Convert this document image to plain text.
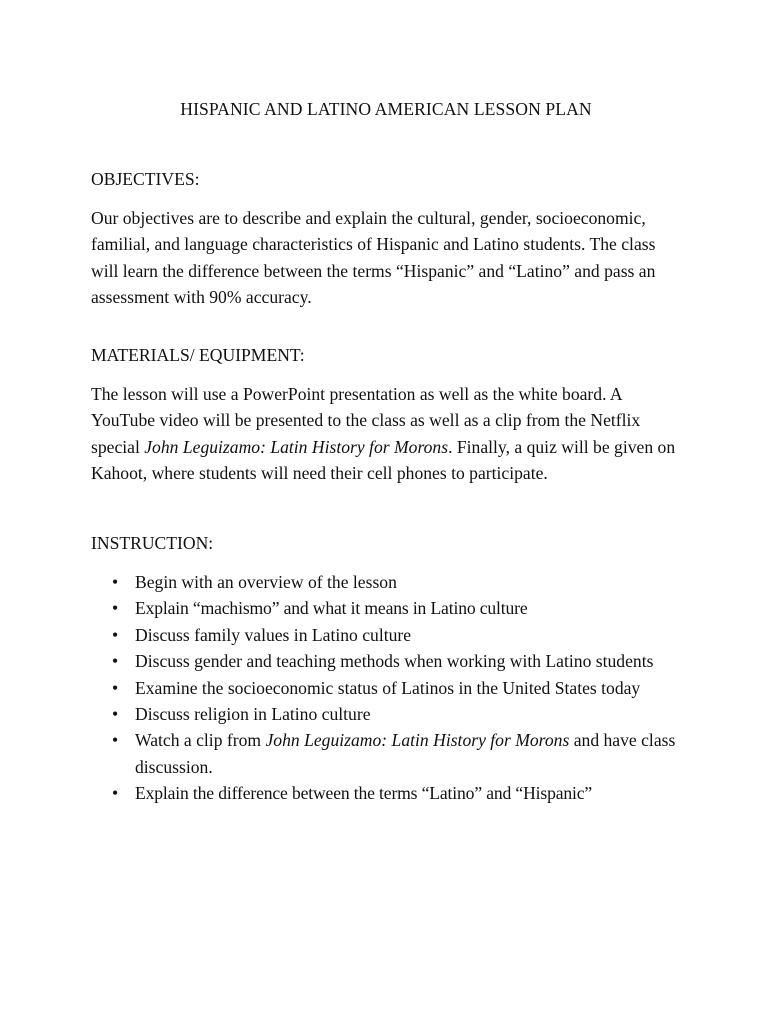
HISPANIC AND LATINO AMERICAN LESSON PLAN
OBJECTIVES:

Our objectives are to describe and explain the cultural, gender, socioeconomic, familial, and language characteristics of Hispanic and Latino students. The class will learn the difference between the terms “Hispanic” and “Latino” and pass an assessment with 90% accuracy.

MATERIALS/ EQUIPMENT:

The lesson will use a PowerPoint presentation as well as the white board. A YouTube video will be presented to the class as well as a clip from the Netflix special John Leguizamo: Latin History for Morons. Finally, a quiz will be given on Kahoot, where students will need their cell phones to participate.

INSTRUCTION:
• Begin with an overview of the lesson
• Explain “machismo” and what it means in Latino culture
• Discuss family values in Latino culture
• Discuss gender and teaching methods when working with Latino students
• Examine the socioeconomic status of Latinos in the United States today
• Discuss religion in Latino culture
• Watch a clip from John Leguizamo: Latin History for Morons and have class discussion.
• Explain the difference between the terms “Latino” and “Hispanic”
